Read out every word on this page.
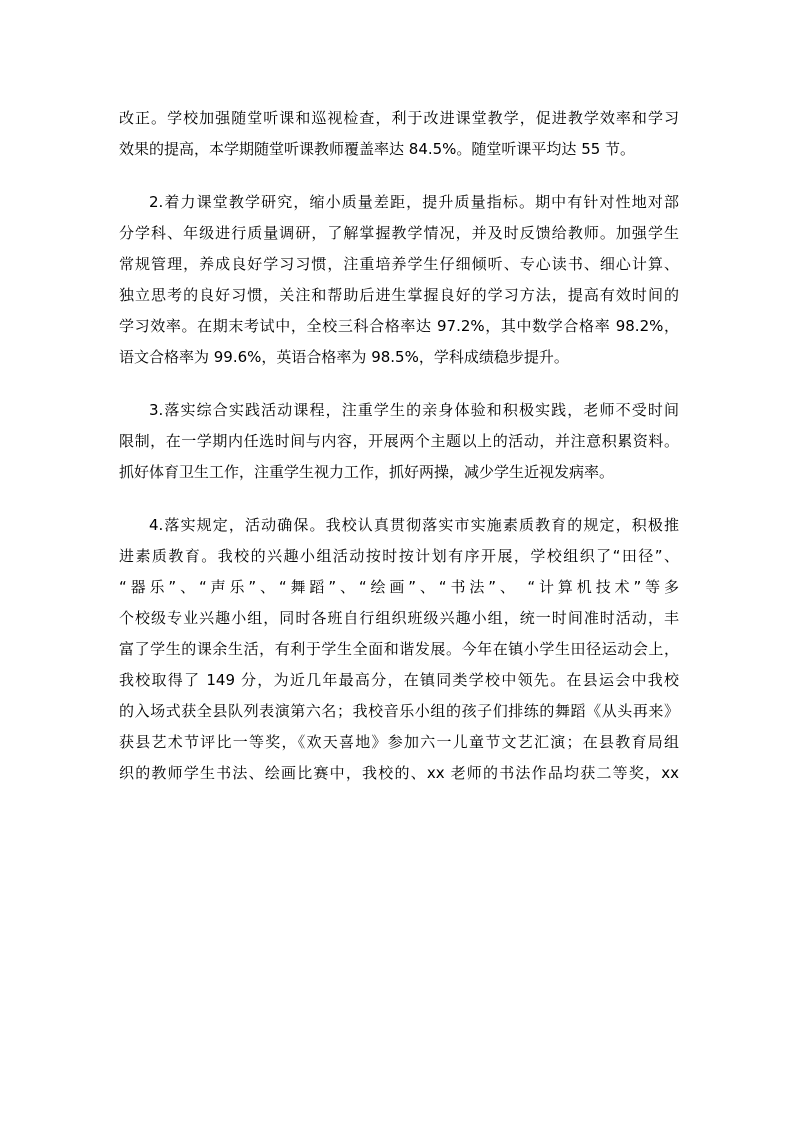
改正。学校加强随堂听课和巡视检查，利于改进课堂教学，促进教学效率和学习
效果的提高，本学期随堂听课教师覆盖率达 84.5%。随堂听课平均达 55 节。
2.着力课堂教学研究，缩小质量差距，提升质量指标。期中有针对性地对部
分学科、年级进行质量调研，了解掌握教学情况，并及时反馈给教师。加强学生
常规管理，养成良好学习习惯，注重培养学生仔细倾听、专心读书、细心计算、
独立思考的良好习惯，关注和帮助后进生掌握良好的学习方法，提高有效时间的
学习效率。在期末考试中，全校三科合格率达 97.2%，其中数学合格率 98.2%，
语文合格率为 99.6%，英语合格率为 98.5%，学科成绩稳步提升。
3.落实综合实践活动课程，注重学生的亲身体验和积极实践，老师不受时间
限制，在一学期内任选时间与内容，开展两个主题以上的活动，并注意积累资料。
抓好体育卫生工作，注重学生视力工作，抓好两操，减少学生近视发病率。
4.落实规定，活动确保。我校认真贯彻落实市实施素质教育的规定，积极推
进素质教育。我校的兴趣小组活动按时按计划有序开展，学校组织了“田径”、
“器乐”、“声乐”、“舞蹈”、“绘画”、“书法”、 “计算机技术”等多
个校级专业兴趣小组，同时各班自行组织班级兴趣小组，统一时间准时活动，丰
富了学生的课余生活，有利于学生全面和谐发展。今年在镇小学生田径运动会上，
我校取得了 149 分，为近几年最高分，在镇同类学校中领先。在县运会中我校
的入场式获全县队列表演第六名；我校音乐小组的孩子们排练的舞蹈《从头再来》
获县艺术节评比一等奖，《欢天喜地》参加六一儿童节文艺汇演；在县教育局组
织的教师学生书法、绘画比赛中，我校的、xx 老师的书法作品均获二等奖，xx
